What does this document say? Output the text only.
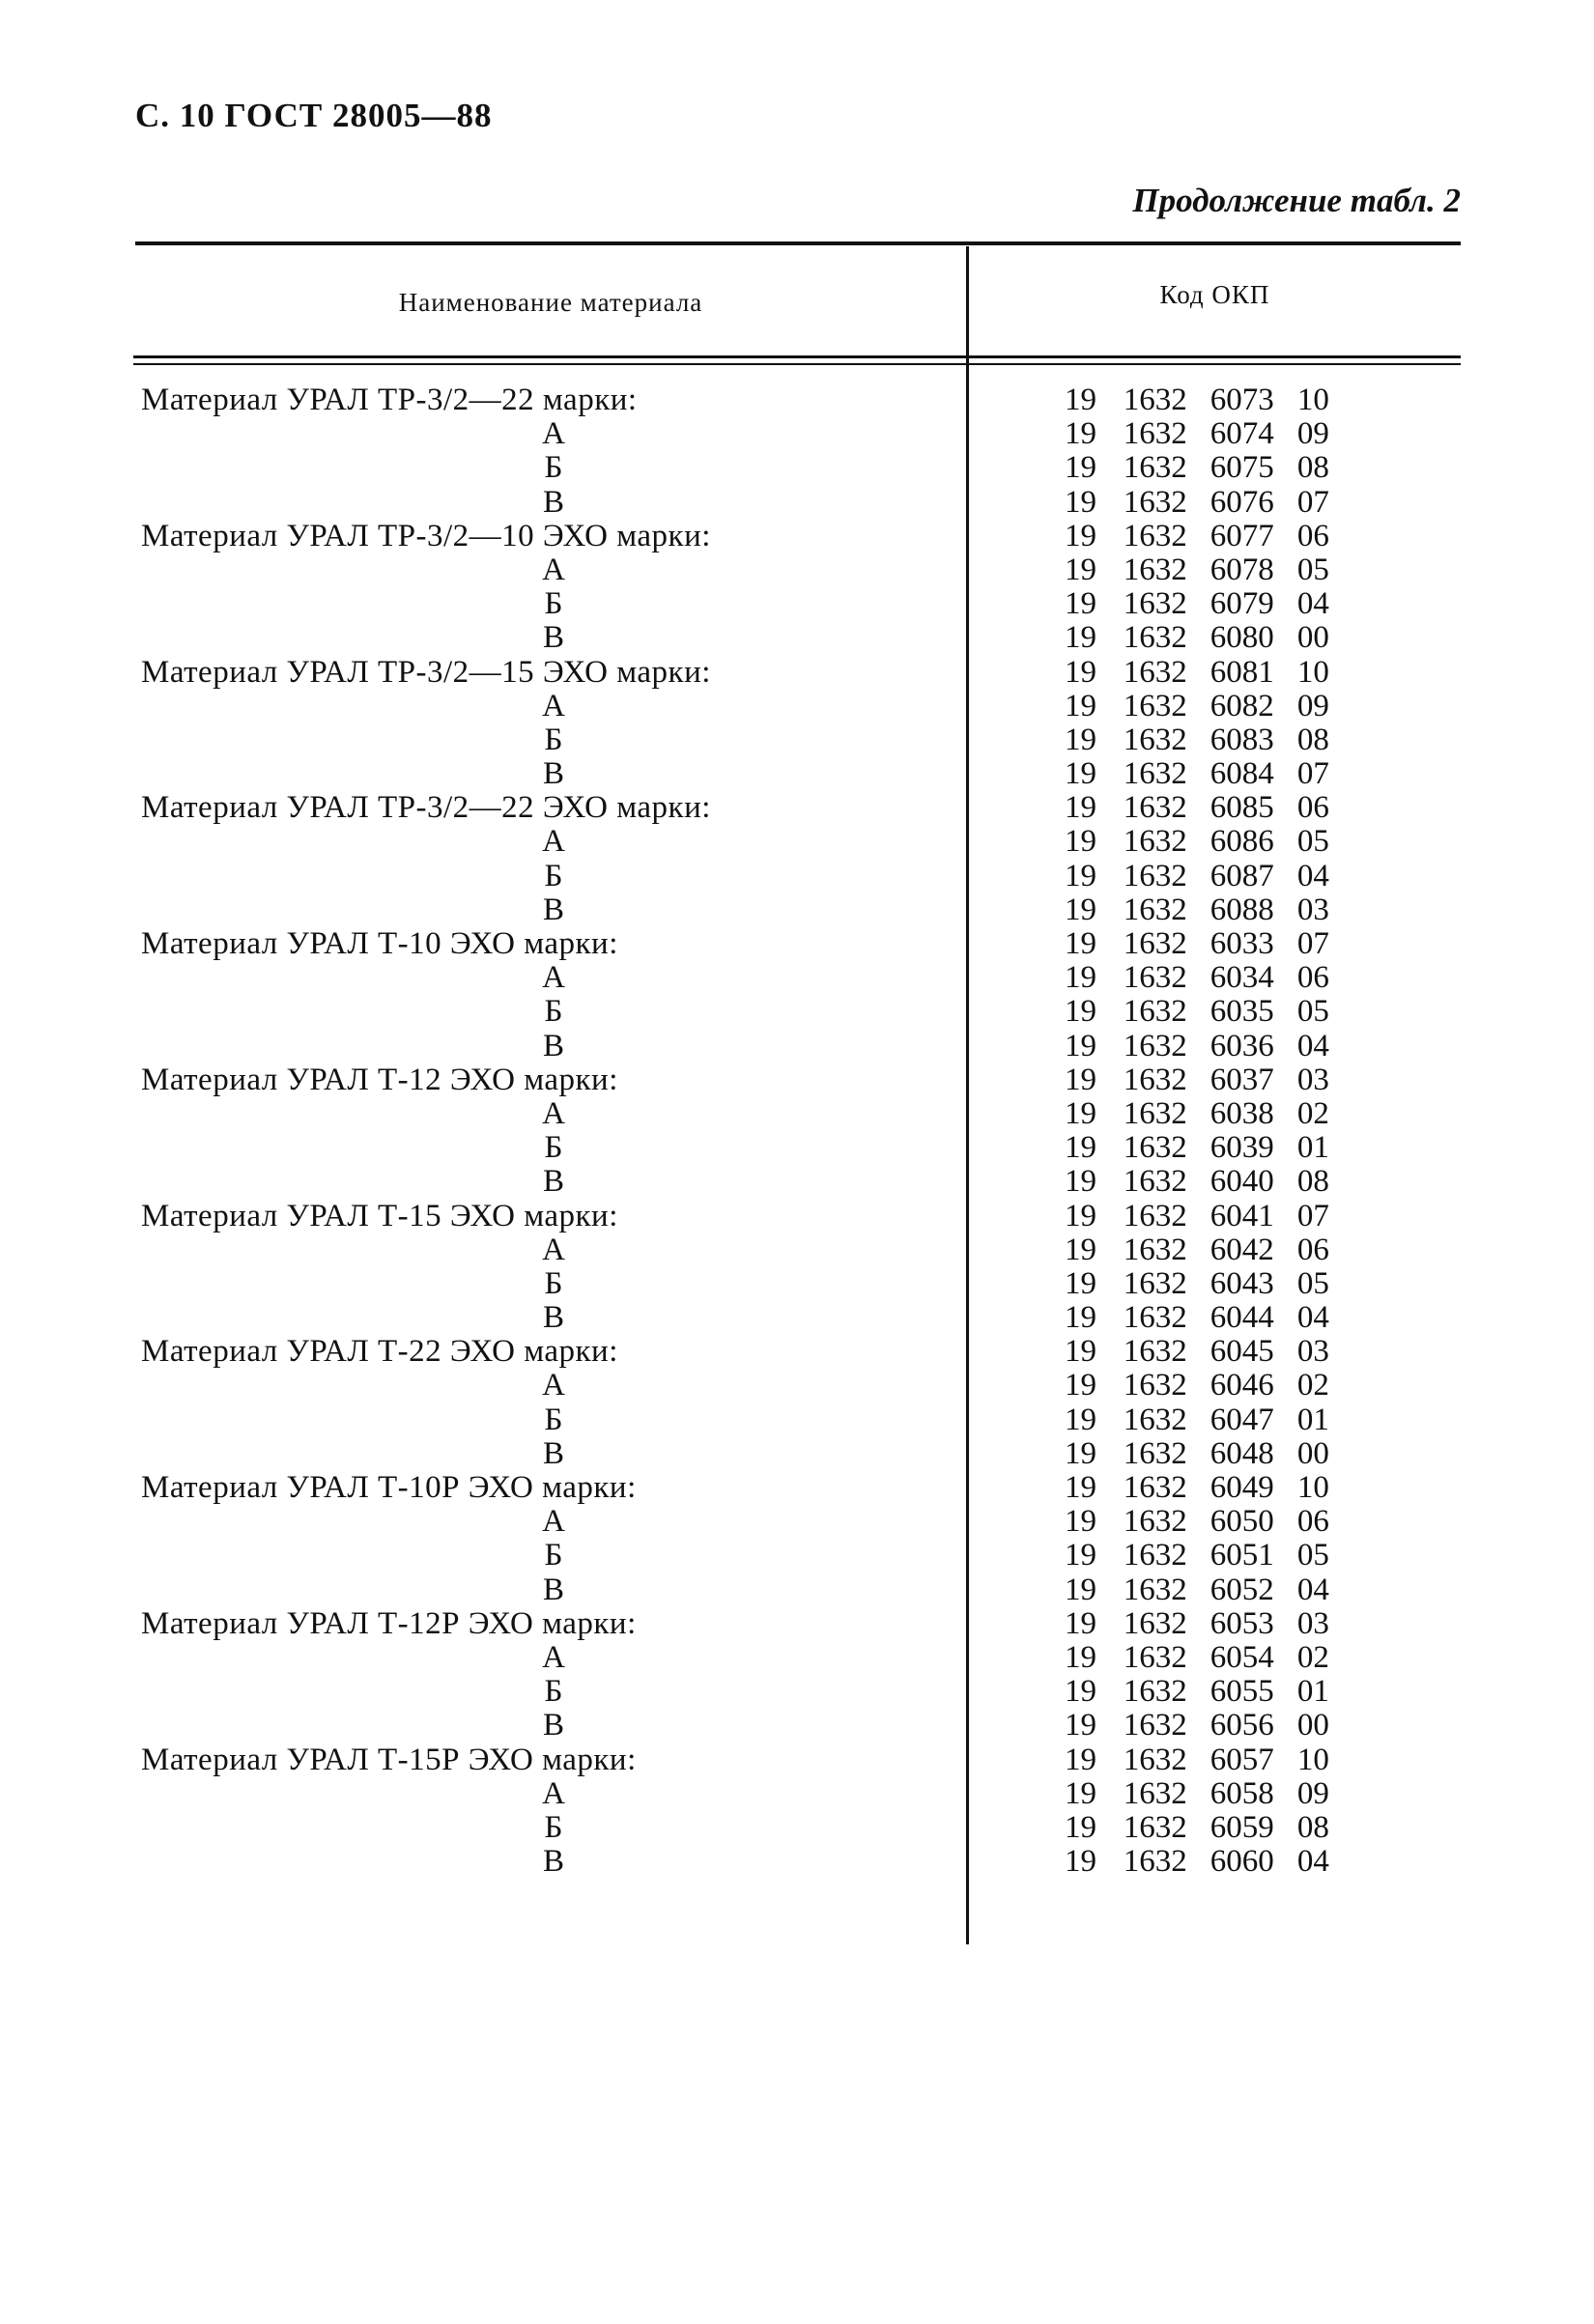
С. 10 ГОСТ 28005—88
Продолжение табл. 2
Наименование материала	Код ОКП
Материал УРАЛ ТР-3/2—22 марки:	19 1632 6073 10
А	19 1632 6074 09
Б	19 1632 6075 08
В	19 1632 6076 07
Материал УРАЛ ТР-3/2—10 ЭХО марки:	19 1632 6077 06
А	19 1632 6078 05
Б	19 1632 6079 04
В	19 1632 6080 00
Материал УРАЛ ТР-3/2—15 ЭХО марки:	19 1632 6081 10
А	19 1632 6082 09
Б	19 1632 6083 08
В	19 1632 6084 07
Материал УРАЛ ТР-3/2—22 ЭХО марки:	19 1632 6085 06
А	19 1632 6086 05
Б	19 1632 6087 04
В	19 1632 6088 03
Материал УРАЛ Т-10 ЭХО марки:	19 1632 6033 07
А	19 1632 6034 06
Б	19 1632 6035 05
В	19 1632 6036 04
Материал УРАЛ Т-12 ЭХО марки:	19 1632 6037 03
А	19 1632 6038 02
Б	19 1632 6039 01
В	19 1632 6040 08
Материал УРАЛ Т-15 ЭХО марки:	19 1632 6041 07
А	19 1632 6042 06
Б	19 1632 6043 05
В	19 1632 6044 04
Материал УРАЛ Т-22 ЭХО марки:	19 1632 6045 03
А	19 1632 6046 02
Б	19 1632 6047 01
В	19 1632 6048 00
Материал УРАЛ Т-10Р ЭХО марки:	19 1632 6049 10
А	19 1632 6050 06
Б	19 1632 6051 05
В	19 1632 6052 04
Материал УРАЛ Т-12Р ЭХО марки:	19 1632 6053 03
А	19 1632 6054 02
Б	19 1632 6055 01
В	19 1632 6056 00
Материал УРАЛ Т-15Р ЭХО марки:	19 1632 6057 10
А	19 1632 6058 09
Б	19 1632 6059 08
В	19 1632 6060 04
